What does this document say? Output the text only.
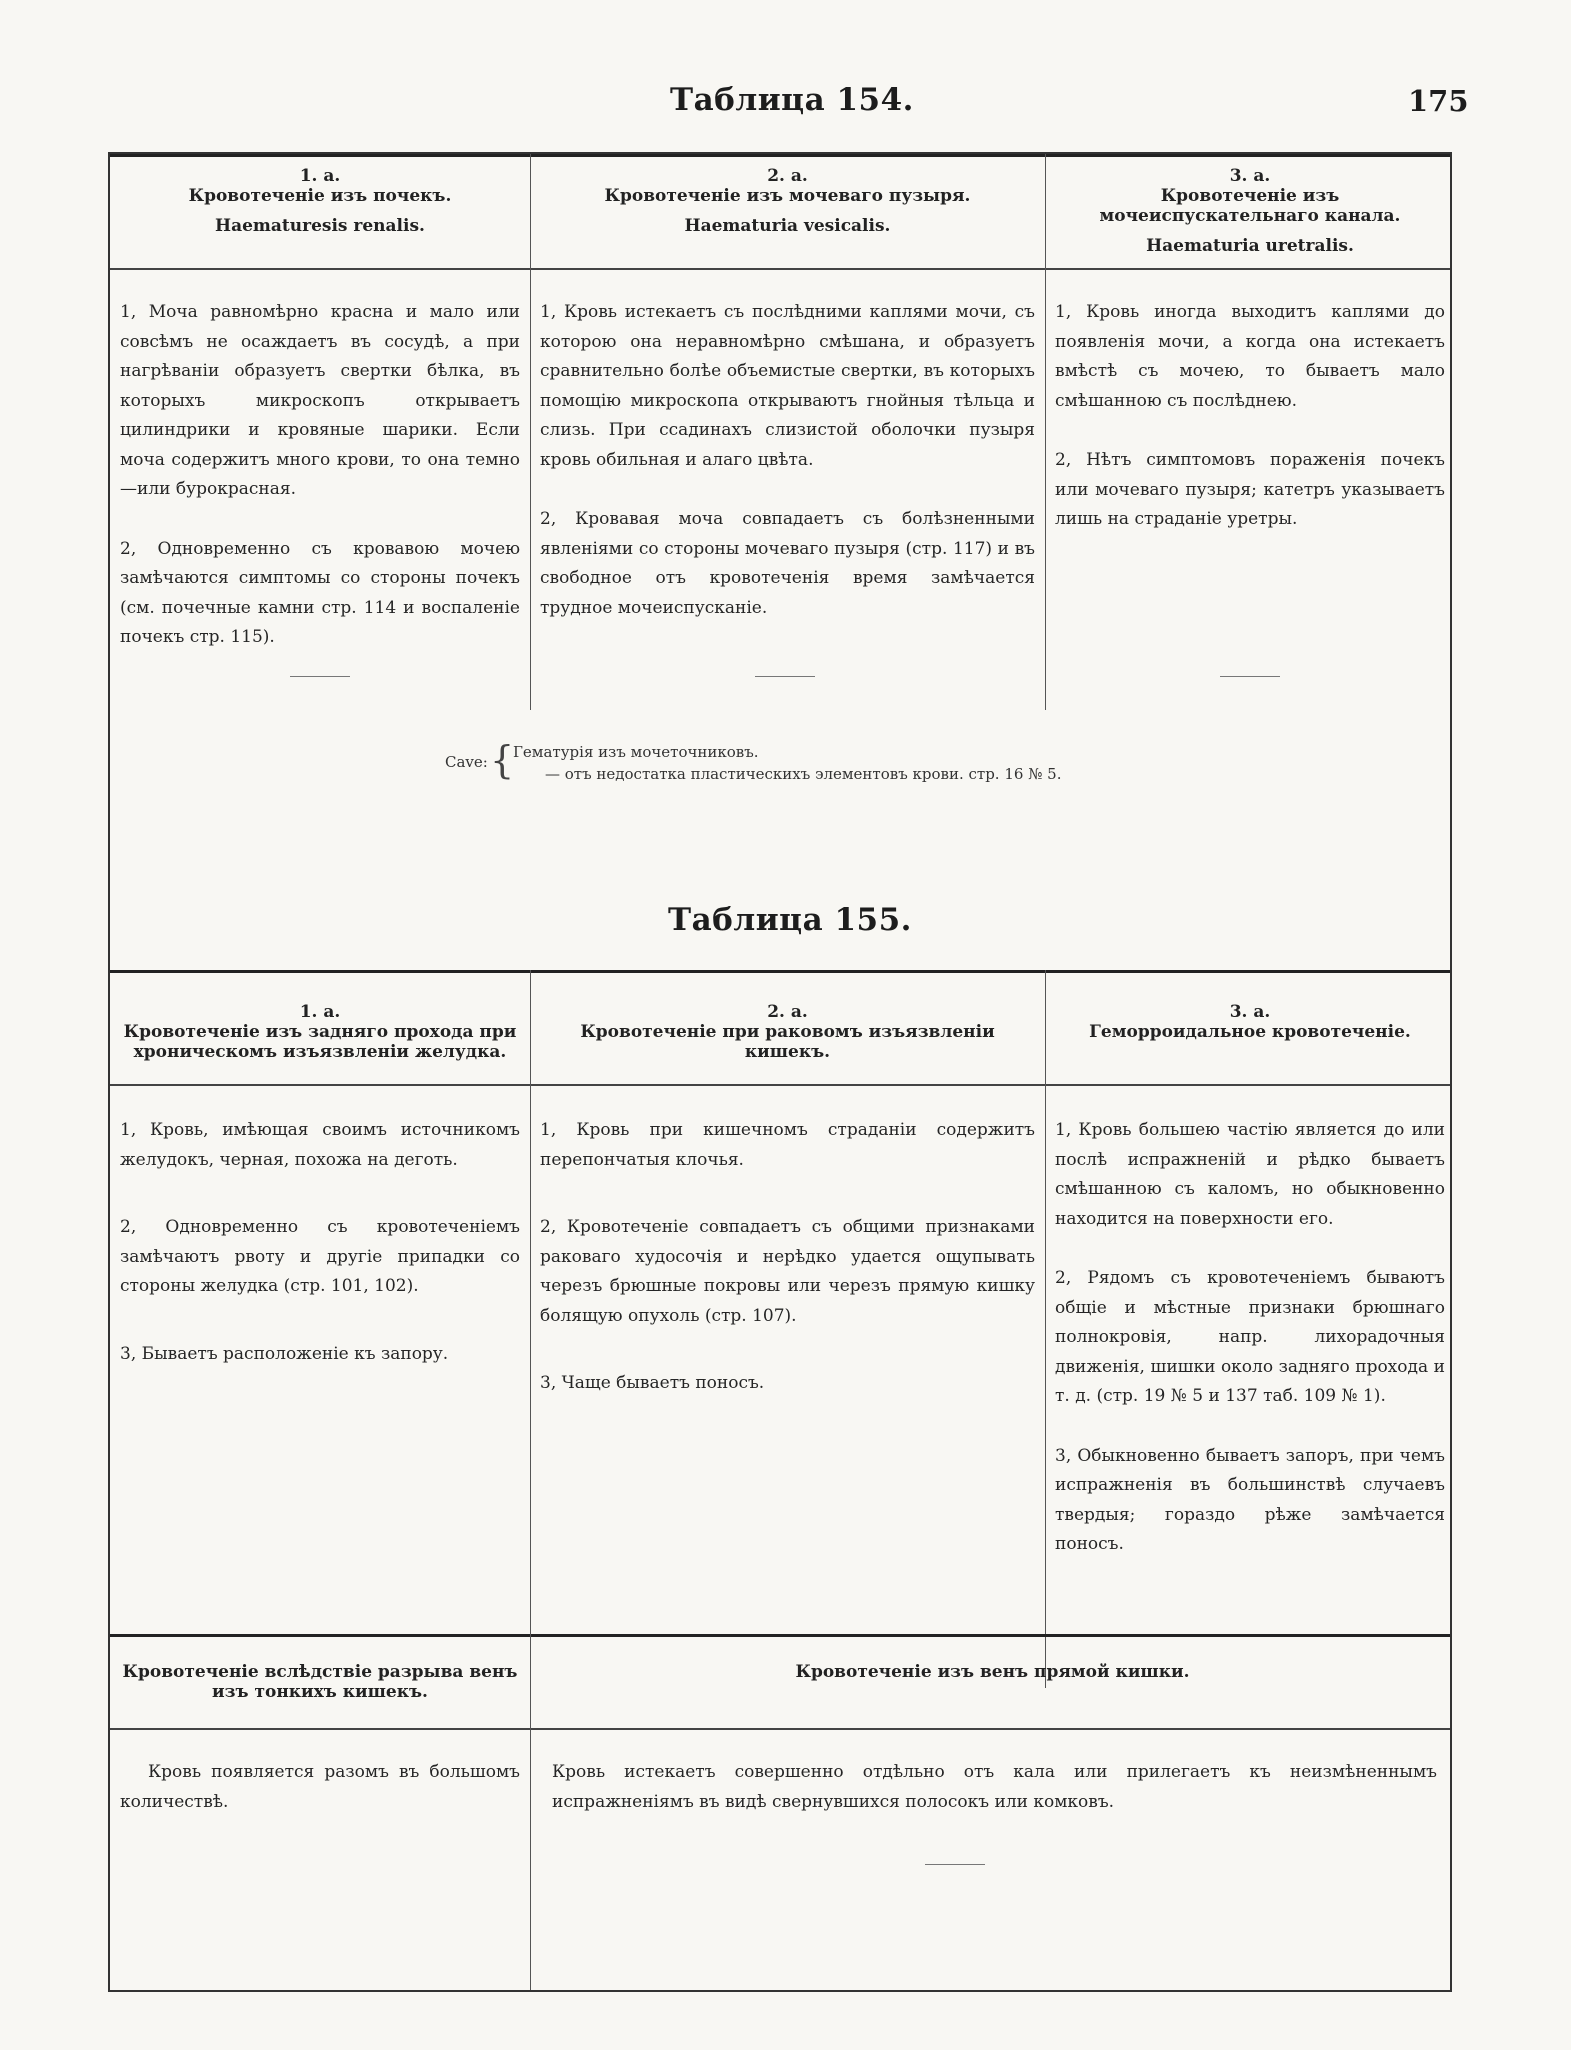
Таблица 154.	175
1. a.
Кровотеченіе изъ почекъ.
Haematuresis renalis.
2. a.
Кровотеченіе изъ мочеваго пузыря.
Haematuria vesicalis.
3. a.
Кровотеченіе изъ мочеиспускательнаго канала.
Haematuria uretralis.

1, Моча равномѣрно красна и мало или совсѣмъ не осаждаетъ въ сосудѣ, а при нагрѣваніи образуетъ свертки бѣлка, въ которыхъ микроскопъ открываетъ цилиндрики и кровяные шарики. Если моча содержитъ много крови, то она темно—или бурокрасная.

2, Одновременно съ кровавою мочею замѣчаются симптомы со стороны почекъ (см. почечные камни стр. 114 и воспаленіе почекъ стр. 115).

1, Кровь истекаетъ съ послѣдними каплями мочи, съ которою она неравномѣрно смѣшана, и образуетъ сравнительно болѣе объемистые свертки, въ которыхъ помощію микроскопа открываютъ гнойныя тѣльца и слизь. При ссадинахъ слизистой оболочки пузыря кровь обильная и алаго цвѣта.

2, Кровавая моча совпадаетъ съ болѣзненными явленіями со стороны мочеваго пузыря (стр. 117) и въ свободное отъ кровотеченія время замѣчается трудное мочеиспусканіе.

1, Кровь иногда выходитъ каплями до появленія мочи, а когда она истекаетъ вмѣстѣ съ мочею, то бываетъ мало смѣшанною съ послѣднею.

2, Нѣтъ симптомовъ пораженія почекъ или мочеваго пузыря; катетръ указываетъ лишь на страданіе уретры.

Cave: {
Гематурія изъ мочеточниковъ.
— отъ недостатка пластическихъ элементовъ крови. стр. 16 № 5.
Таблица 155.
1. a.
Кровотеченіе изъ задняго прохода при хроническомъ изъязвленіи желудка.
2. a.
Кровотеченіе при раковомъ изъязвленіи кишекъ.
3. a.
Геморроидальное кровотеченіе.

1, Кровь, имѣющая своимъ источникомъ желудокъ, черная, похожа на деготь.

2, Одновременно съ кровотеченіемъ замѣчаютъ рвоту и другіе припадки со стороны желудка (стр. 101, 102).

3, Бываетъ расположеніе къ запору.

1, Кровь при кишечномъ страданіи содержитъ перепончатыя клочья.

2, Кровотеченіе совпадаетъ съ общими признаками раковаго худосочія и нерѣдко удается ощупывать черезъ брюшные покровы или черезъ прямую кишку болящую опухоль (стр. 107).

3, Чаще бываетъ поносъ.

1, Кровь большею частію является до или послѣ испражненій и рѣдко бываетъ смѣшанною съ каломъ, но обыкновенно находится на поверхности его.

2, Рядомъ съ кровотеченіемъ бываютъ общіе и мѣстные признаки брюшнаго полнокровія, напр. лихорадочныя движенія, шишки около задняго прохода и т. д. (стр. 19 № 5 и 137 таб. 109 № 1).

3, Обыкновенно бываетъ запоръ, при чемъ испражненія въ большинствѣ случаевъ твердыя; гораздо рѣже замѣчается поносъ.

Кровотеченіе вслѣдствіе разрыва венъ изъ тонкихъ кишекъ.
Кровотеченіе изъ венъ прямой кишки.

Кровь появляется разомъ въ большомъ количествѣ.

Кровь истекаетъ совершенно отдѣльно отъ кала или прилегаетъ къ неизмѣненнымъ испражненіямъ въ видѣ свернувшихся полосокъ или комковъ.
